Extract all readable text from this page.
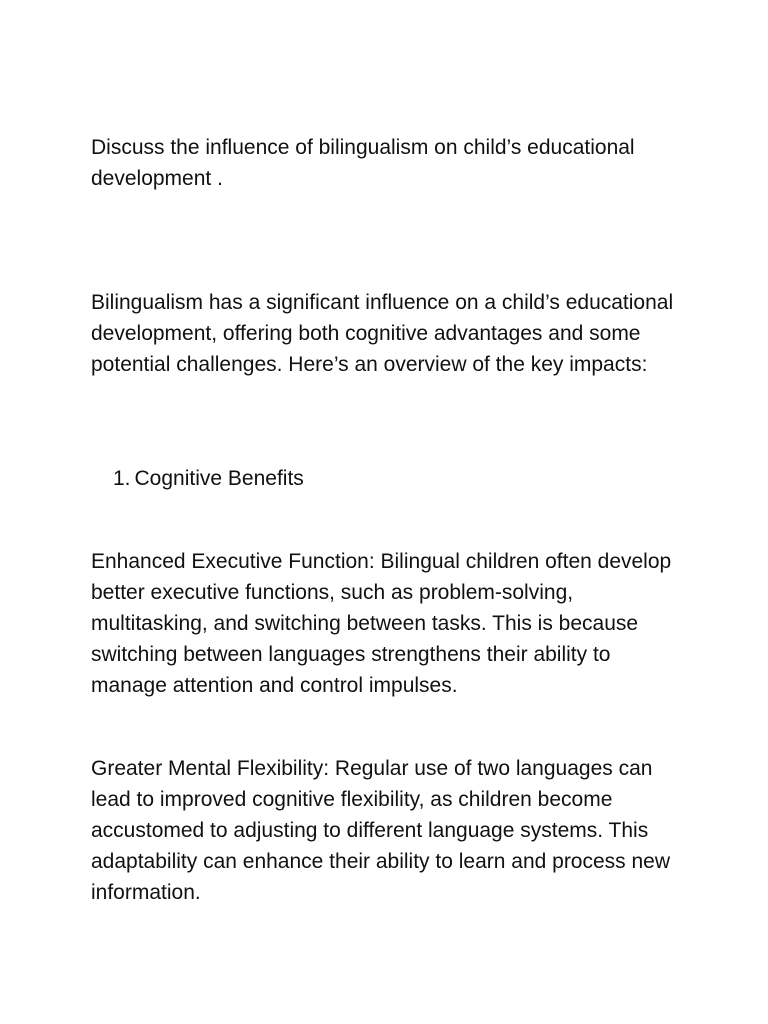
Discuss the influence of bilingualism on child’s educational development .

Bilingualism has a significant influence on a child’s educational development, offering both cognitive advantages and some potential challenges. Here’s an overview of the key impacts:

1. Cognitive Benefits

Enhanced Executive Function: Bilingual children often develop better executive functions, such as problem-solving, multitasking, and switching between tasks. This is because switching between languages strengthens their ability to manage attention and control impulses.

Greater Mental Flexibility: Regular use of two languages can lead to improved cognitive flexibility, as children become accustomed to adjusting to different language systems. This adaptability can enhance their ability to learn and process new information.
